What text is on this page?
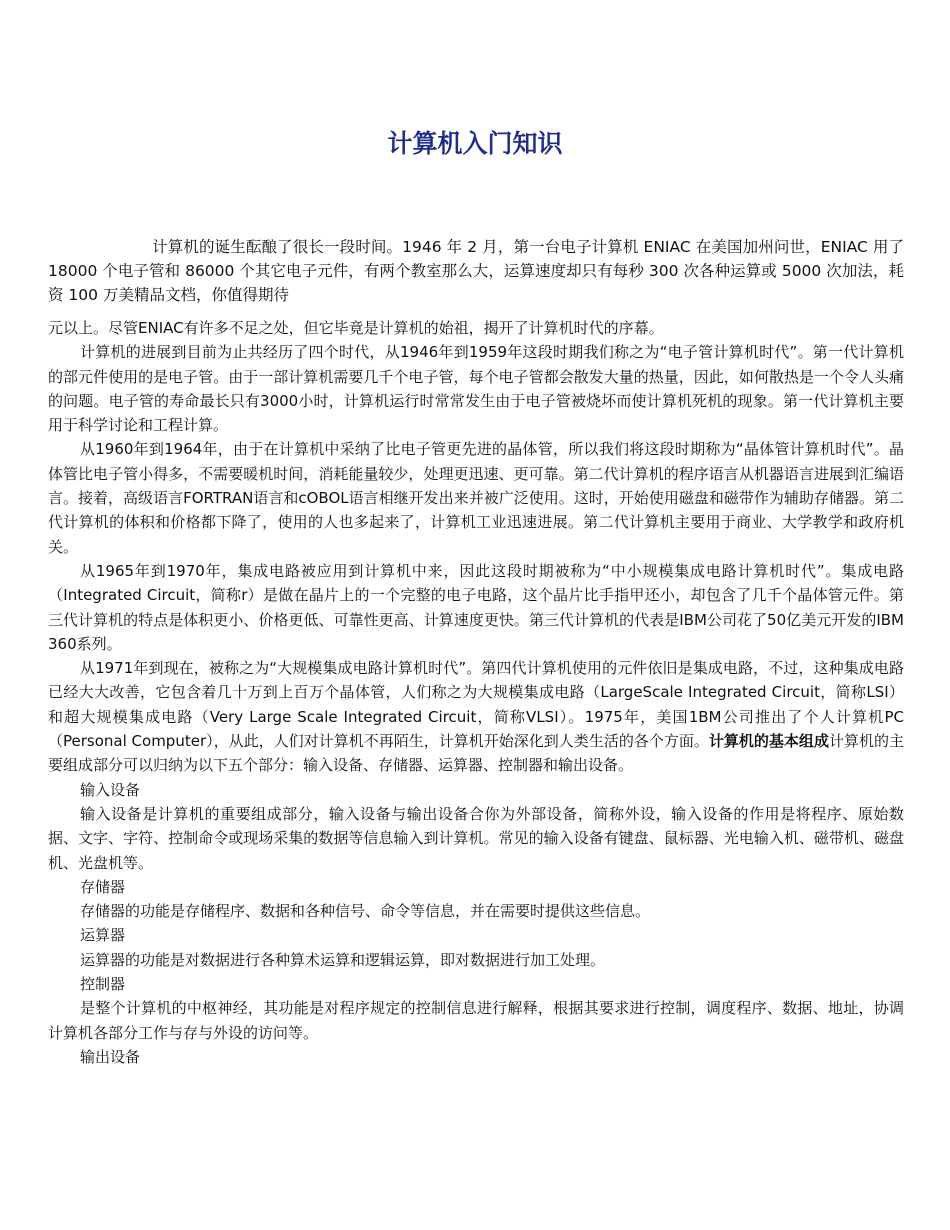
计算机入门知识

计算机的诞生酝酿了很长一段时间。1946 年 2 月，第一台电子计算机 ENIAC 在美国加州问世，ENIAC 用了 18000 个电子管和 86000 个其它电子元件，有两个教室那么大，运算速度却只有每秒 300 次各种运算或 5000 次加法，耗资 100 万美精品文档，你值得期待

元以上。尽管ENIAC有许多不足之处，但它毕竟是计算机的始祖，揭开了计算机时代的序幕。

计算机的进展到目前为止共经历了四个时代，从1946年到1959年这段时期我们称之为“电子管计算机时代”。第一代计算机的部元件使用的是电子管。由于一部计算机需要几千个电子管，每个电子管都会散发大量的热量，因此，如何散热是一个令人头痛的问题。电子管的寿命最长只有3000小时，计算机运行时常常发生由于电子管被烧坏而使计算机死机的现象。第一代计算机主要用于科学讨论和工程计算。

从1960年到1964年，由于在计算机中采纳了比电子管更先进的晶体管，所以我们将这段时期称为“晶体管计算机时代”。晶体管比电子管小得多，不需要暖机时间，消耗能量较少，处理更迅速、更可靠。第二代计算机的程序语言从机器语言进展到汇编语言。接着，高级语言FORTRAN语言和cOBOL语言相继开发出来并被广泛使用。这时，开始使用磁盘和磁带作为辅助存储器。第二代计算机的体积和价格都下降了，使用的人也多起来了，计算机工业迅速进展。第二代计算机主要用于商业、大学教学和政府机关。

从1965年到1970年，集成电路被应用到计算机中来，因此这段时期被称为“中小规模集成电路计算机时代”。集成电路（Integrated Circuit，简称r）是做在晶片上的一个完整的电子电路，这个晶片比手指甲还小，却包含了几千个晶体管元件。第三代计算机的特点是体积更小、价格更低、可靠性更高、计算速度更快。第三代计算机的代表是IBM公司花了50亿美元开发的IBM 360系列。

从1971年到现在，被称之为“大规模集成电路计算机时代”。第四代计算机使用的元件依旧是集成电路，不过，这种集成电路已经大大改善，它包含着几十万到上百万个晶体管，人们称之为大规模集成电路（LargeScale Integrated Circuit，简称LSI）和超大规模集成电路（Very Large Scale Integrated Circuit，简称VLSI）。1975年，美国1BM公司推出了个人计算机PC（Personal Computer），从此，人们对计算机不再陌生，计算机开始深化到人类生活的各个方面。计算机的基本组成计算机的主要组成部分可以归纳为以下五个部分：输入设备、存储器、运算器、控制器和输出设备。

输入设备

输入设备是计算机的重要组成部分，输入设备与输出设备合你为外部设备，简称外设，输入设备的作用是将程序、原始数据、文字、字符、控制命令或现场采集的数据等信息输入到计算机。常见的输入设备有键盘、鼠标器、光电输入机、磁带机、磁盘机、光盘机等。

存储器

存储器的功能是存储程序、数据和各种信号、命令等信息，并在需要时提供这些信息。

运算器

运算器的功能是对数据进行各种算术运算和逻辑运算，即对数据进行加工处理。

控制器

是整个计算机的中枢神经，其功能是对程序规定的控制信息进行解释，根据其要求进行控制，调度程序、数据、地址，协调计算机各部分工作与存与外设的访问等。

输出设备
